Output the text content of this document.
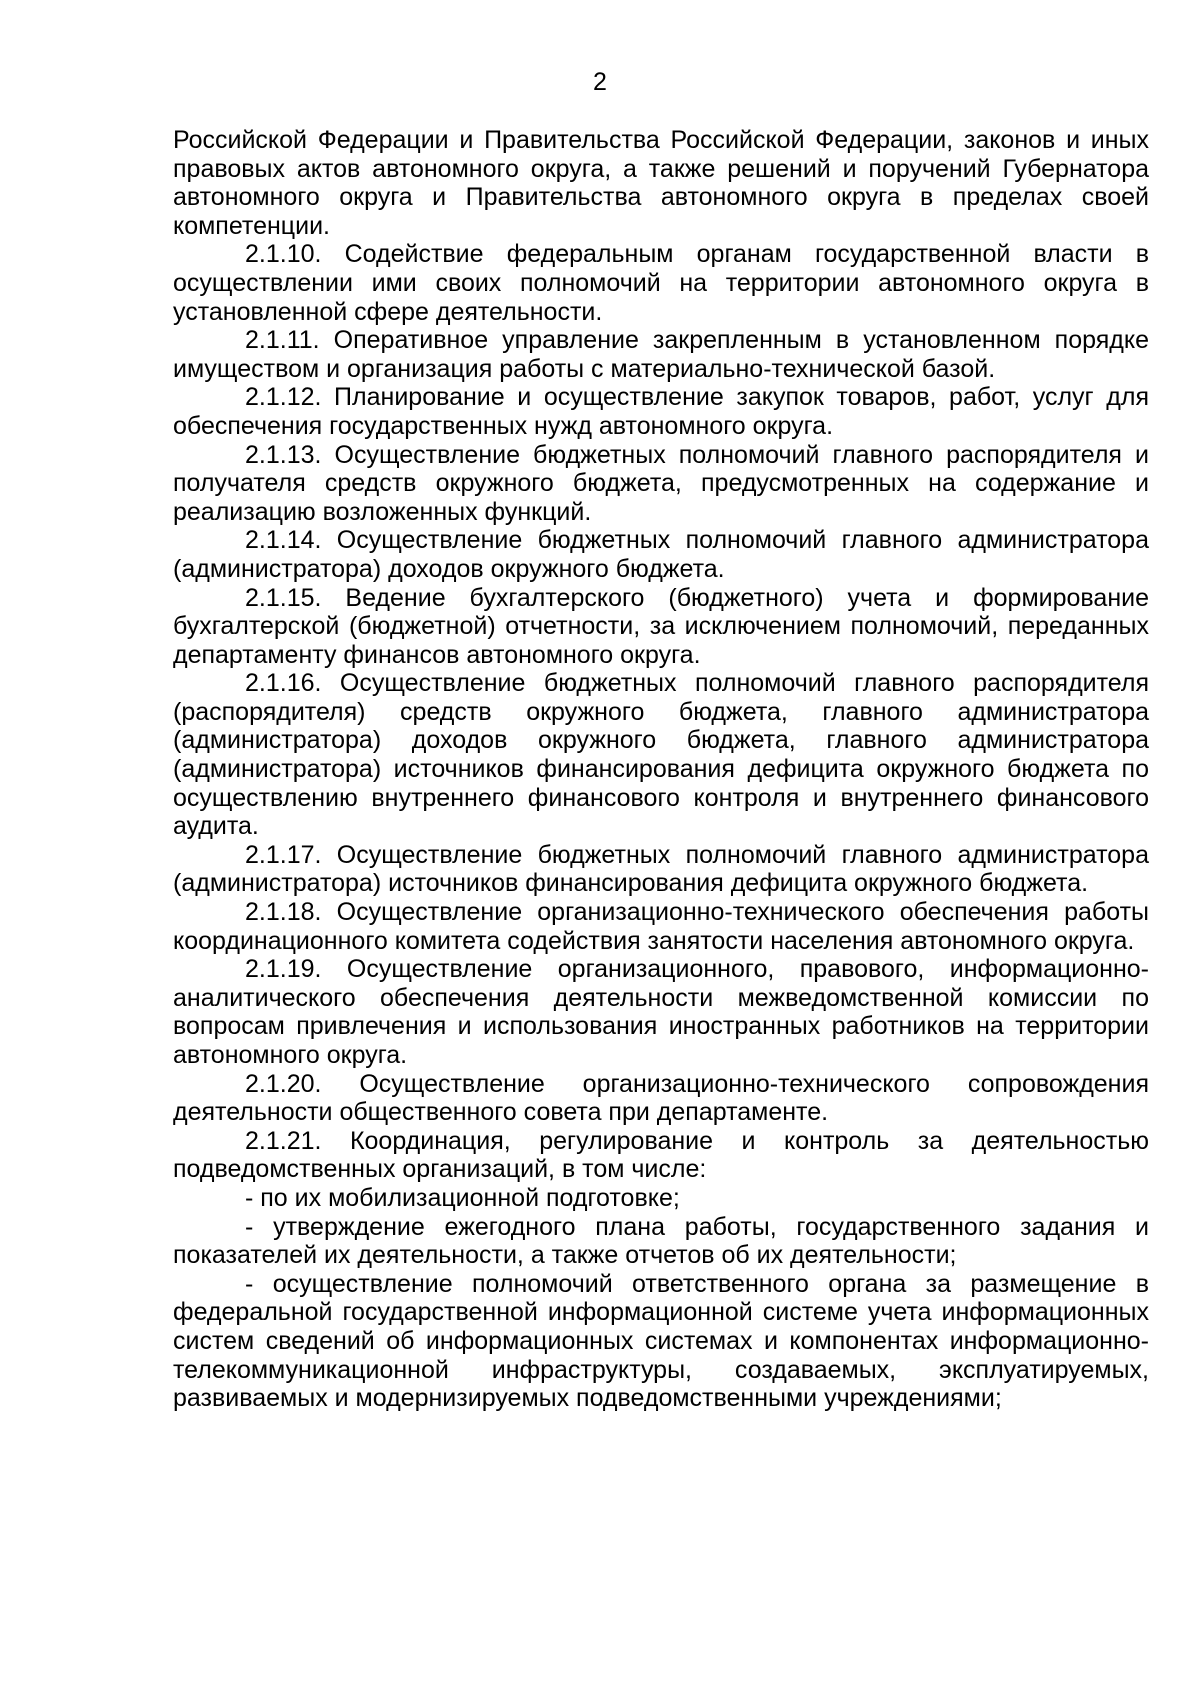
2

Российской Федерации и Правительства Российской Федерации, законов и иных правовых актов автономного округа, а также решений и поручений Губернатора автономного округа и Правительства автономного округа в пределах своей компетенции.

2.1.10. Содействие федеральным органам государственной власти в осуществлении ими своих полномочий на территории автономного округа в установленной сфере деятельности.

2.1.11. Оперативное управление закрепленным в установленном порядке имуществом и организация работы с материально-технической базой.

2.1.12. Планирование и осуществление закупок товаров, работ, услуг для обеспечения государственных нужд автономного округа.

2.1.13. Осуществление бюджетных полномочий главного распорядителя и получателя средств окружного бюджета, предусмотренных на содержание и реализацию возложенных функций.

2.1.14. Осуществление бюджетных полномочий главного администратора (администратора) доходов окружного бюджета.

2.1.15. Ведение бухгалтерского (бюджетного) учета и формирование бухгалтерской (бюджетной) отчетности, за исключением полномочий, переданных департаменту финансов автономного округа.

2.1.16. Осуществление бюджетных полномочий главного распорядителя (распорядителя) средств окружного бюджета, главного администратора (администратора) доходов окружного бюджета, главного администратора (администратора) источников финансирования дефицита окружного бюджета по осуществлению внутреннего финансового контроля и внутреннего финансового аудита.

2.1.17. Осуществление бюджетных полномочий главного администратора (администратора) источников финансирования дефицита окружного бюджета.

2.1.18. Осуществление организационно-технического обеспечения работы координационного комитета содействия занятости населения автономного округа.

2.1.19. Осуществление организационного, правового, информационно-аналитического обеспечения деятельности межведомственной комиссии по вопросам привлечения и использования иностранных работников на территории автономного округа.

2.1.20. Осуществление организационно-технического сопровождения деятельности общественного совета при департаменте.

2.1.21. Координация, регулирование и контроль за деятельностью подведомственных организаций, в том числе:

- по их мобилизационной подготовке;

- утверждение ежегодного плана работы, государственного задания и показателей их деятельности, а также отчетов об их деятельности;

- осуществление полномочий ответственного органа за размещение в федеральной государственной информационной системе учета информационных систем сведений об информационных системах и компонентах информационно-телекоммуникационной инфраструктуры, создаваемых, эксплуатируемых, развиваемых и модернизируемых подведомственными учреждениями;
